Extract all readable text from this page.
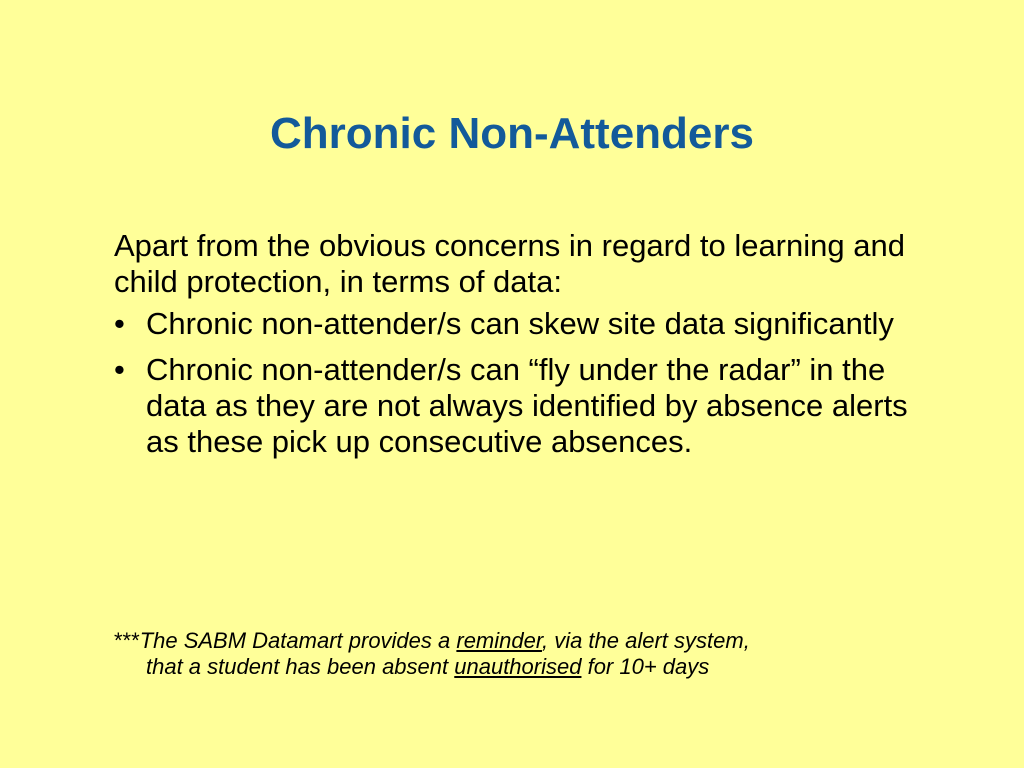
Chronic Non-Attenders

Apart from the obvious concerns in regard to learning and child protection, in terms of data:

• Chronic non-attender/s can skew site data significantly
• Chronic non-attender/s can “fly under the radar” in the data as they are not always identified by absence alerts as these pick up consecutive absences.
***The SABM Datamart provides a reminder, via the alert system,
that a student has been absent unauthorised for 10+ days
